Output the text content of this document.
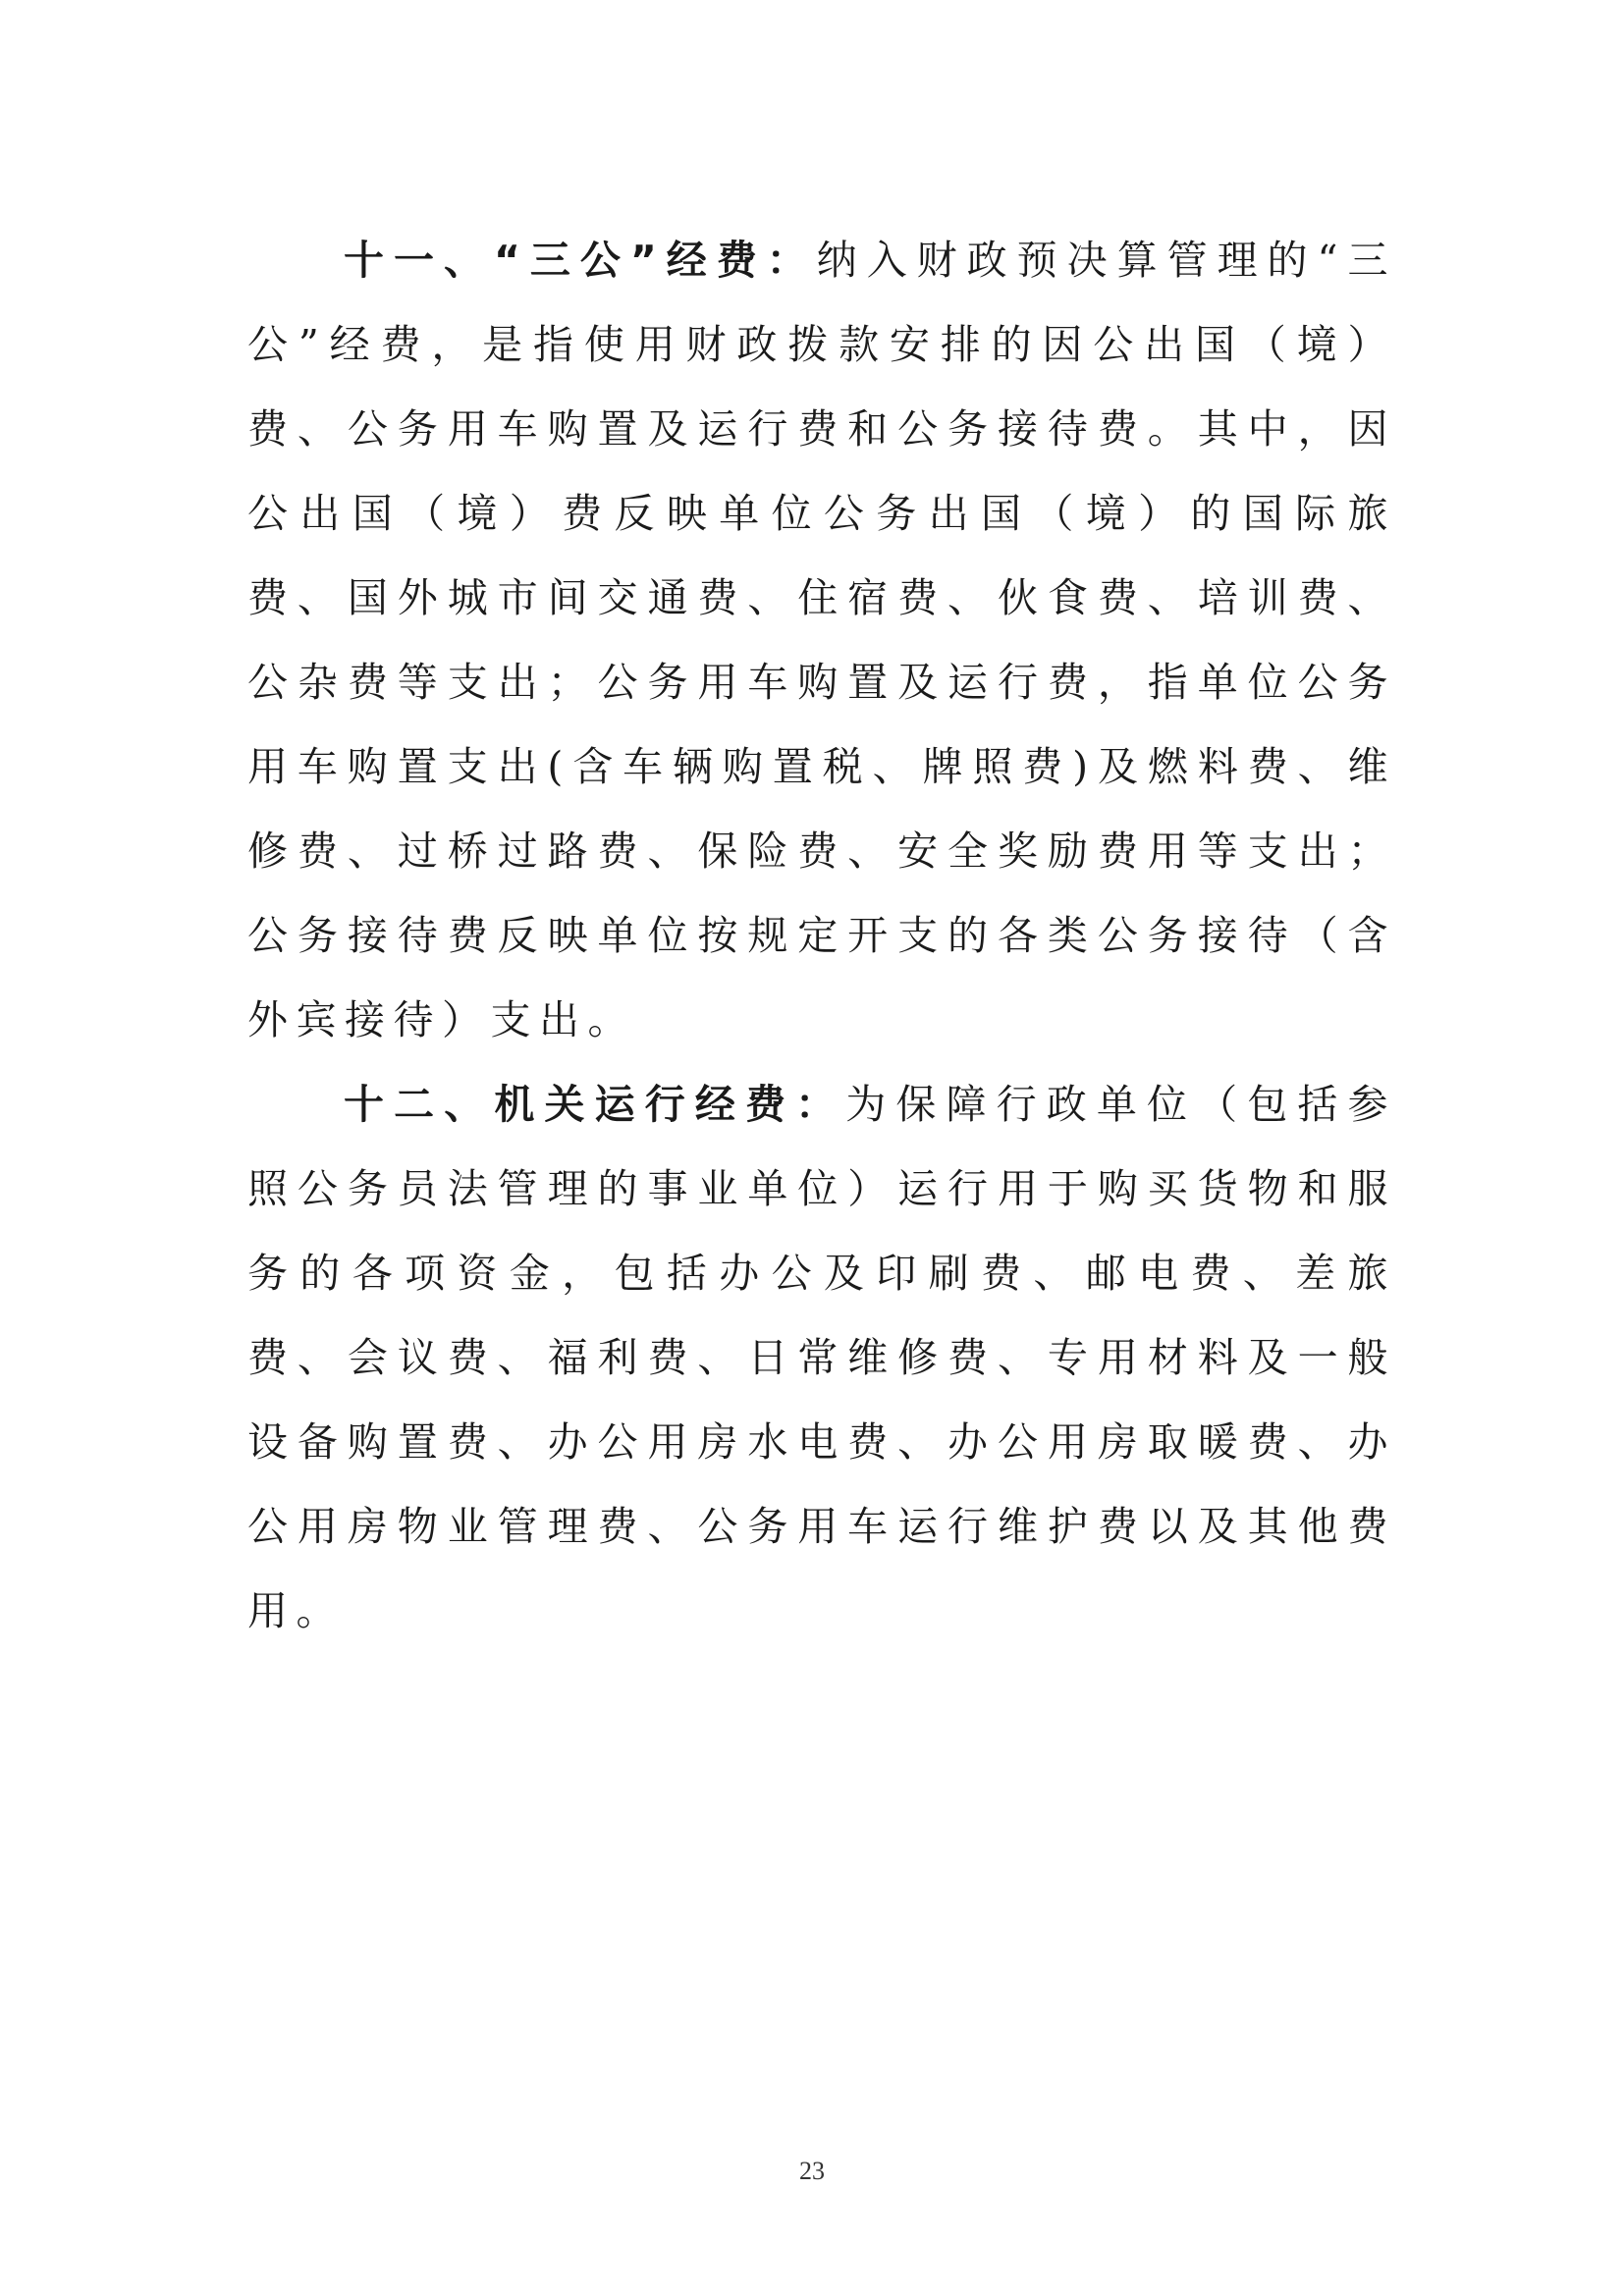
十一、“三公”经费：纳入财政预决算管理的“三公”经费，是指使用财政拨款安排的因公出国（境）费、公务用车购置及运行费和公务接待费。其中，因公出国（境）费反映单位公务出国（境）的国际旅费、国外城市间交通费、住宿费、伙食费、培训费、公杂费等支出；公务用车购置及运行费，指单位公务用车购置支出(含车辆购置税、牌照费)及燃料费、维修费、过桥过路费、保险费、安全奖励费用等支出；公务接待费反映单位按规定开支的各类公务接待（含外宾接待）支出。

十二、机关运行经费：为保障行政单位（包括参照公务员法管理的事业单位）运行用于购买货物和服务的各项资金，包括办公及印刷费、邮电费、差旅费、会议费、福利费、日常维修费、专用材料及一般设备购置费、办公用房水电费、办公用房取暖费、办公用房物业管理费、公务用车运行维护费以及其他费用。

23
